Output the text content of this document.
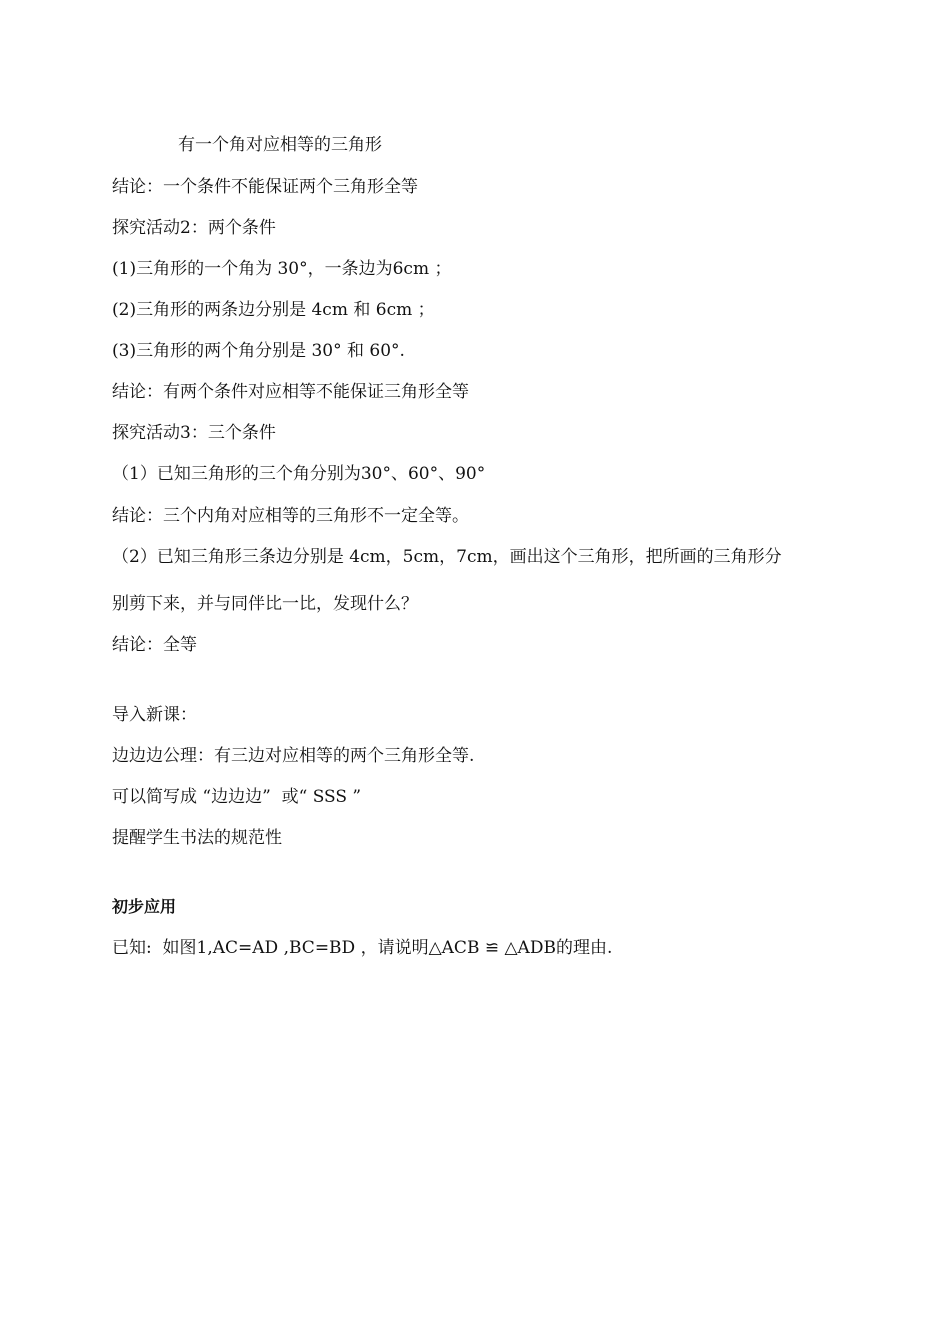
有一个角对应相等的三角形

结论：一个条件不能保证两个三角形全等

探究活动2：两个条件

(1)三角形的一个角为 30°，一条边为6cm ；

(2)三角形的两条边分别是 4cm 和 6cm ；

(3)三角形的两个角分别是 30° 和 60°.

结论：有两个条件对应相等不能保证三角形全等

探究活动3：三个条件

（1）已知三角形的三个角分别为30°、60°、90°

结论：三个内角对应相等的三角形不一定全等。

（2）已知三角形三条边分别是 4cm，5cm，7cm，画出这个三角形，把所画的三角形分

别剪下来，并与同伴比一比，发现什么？

结论：全等

导入新课：

边边边公理：有三边对应相等的两个三角形全等.

可以简写成 “边边边”  或“ SSS ”

提醒学生书法的规范性

初步应用

已知:  如图1,AC=AD ,BC=BD ，请说明△ACB ≌ △ADB的理由.
